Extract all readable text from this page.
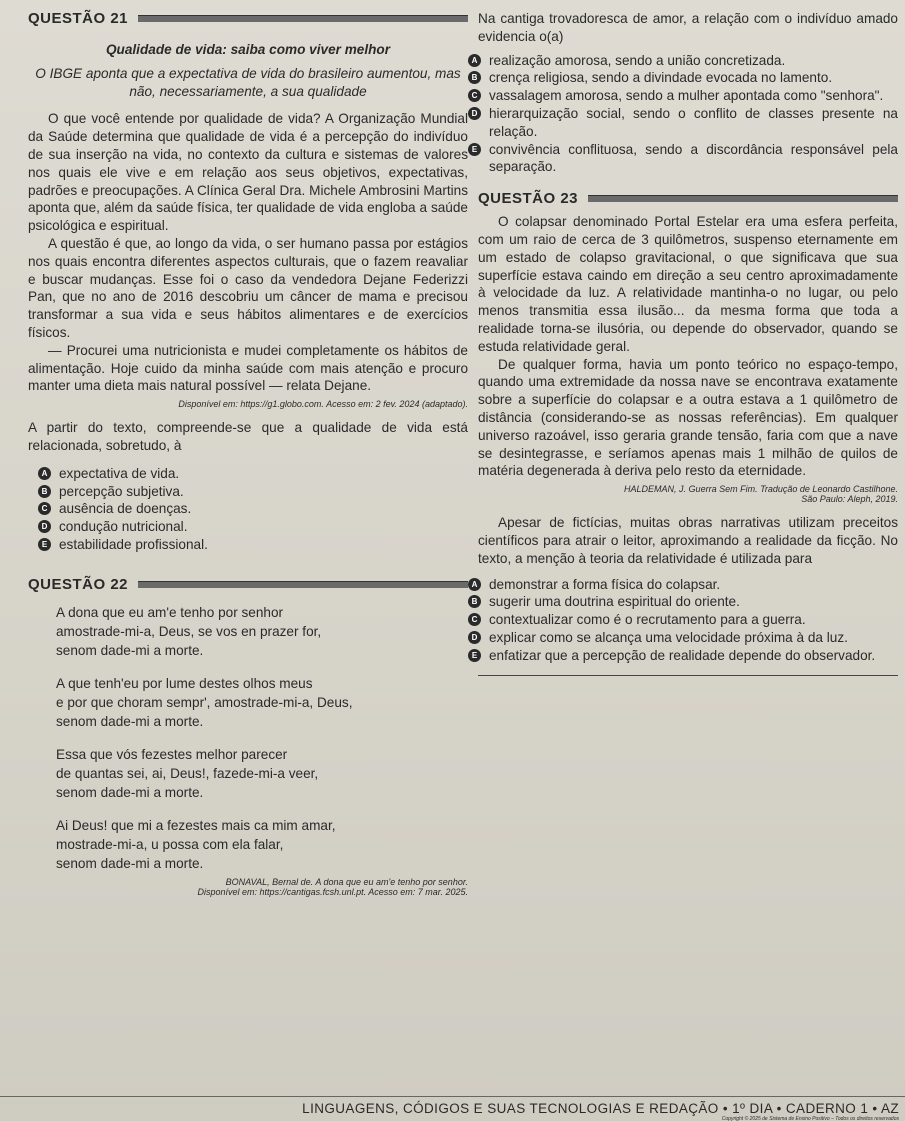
QUESTÃO 21

Qualidade de vida: saiba como viver melhor

O IBGE aponta que a expectativa de vida do brasileiro aumentou, mas não, necessariamente, a sua qualidade

O que você entende por qualidade de vida? A Organização Mundial da Saúde determina que qualidade de vida é a percepção do indivíduo de sua inserção na vida, no contexto da cultura e sistemas de valores nos quais ele vive e em relação aos seus objetivos, expectativas, padrões e preocupações. A Clínica Geral Dra. Michele Ambrosini Martins aponta que, além da saúde física, ter qualidade de vida engloba a saúde psicológica e espiritual.

A questão é que, ao longo da vida, o ser humano passa por estágios nos quais encontra diferentes aspectos culturais, que o fazem reavaliar e buscar mudanças. Esse foi o caso da vendedora Dejane Federizzi Pan, que no ano de 2016 descobriu um câncer de mama e precisou transformar a sua vida e seus hábitos alimentares e de exercícios físicos.

— Procurei uma nutricionista e mudei completamente os hábitos de alimentação. Hoje cuido da minha saúde com mais atenção e procuro manter uma dieta mais natural possível — relata Dejane.

Disponível em: https://g1.globo.com. Acesso em: 2 fev. 2024 (adaptado).

A partir do texto, compreende-se que a qualidade de vida está relacionada, sobretudo, à

A expectativa de vida.
B percepção subjetiva.
C ausência de doenças.
D condução nutricional.
E estabilidade profissional.
QUESTÃO 22

A dona que eu am'e tenho por senhor

amostrade-mi-a, Deus, se vos en prazer for,

senom dade-mi a morte.

A que tenh'eu por lume destes olhos meus

e por que choram sempr', amostrade-mi-a, Deus,

senom dade-mi a morte.

Essa que vós fezestes melhor parecer

de quantas sei, ai, Deus!, fazede-mi-a veer,

senom dade-mi a morte.

Ai Deus! que mi a fezestes mais ca mim amar,

mostrade-mi-a, u possa com ela falar,

senom dade-mi a morte.

BONAVAL, Bernal de. A dona que eu am'e tenho por senhor.

Disponível em: https://cantigas.fcsh.unl.pt. Acesso em: 7 mar. 2025.

Na cantiga trovadoresca de amor, a relação com o indivíduo amado evidencia o(a)

A realização amorosa, sendo a união concretizada.
B crença religiosa, sendo a divindade evocada no lamento.
C vassalagem amorosa, sendo a mulher apontada como "senhora".
D hierarquização social, sendo o conflito de classes presente na relação.
E convivência conflituosa, sendo a discordância responsável pela separação.
QUESTÃO 23

O colapsar denominado Portal Estelar era uma esfera perfeita, com um raio de cerca de 3 quilômetros, suspenso eternamente em um estado de colapso gravitacional, o que significava que sua superfície estava caindo em direção a seu centro aproximadamente à velocidade da luz. A relatividade mantinha-o no lugar, ou pelo menos transmitia essa ilusão... da mesma forma que toda a realidade torna-se ilusória, ou depende do observador, quando se estuda relatividade geral.

De qualquer forma, havia um ponto teórico no espaço-tempo, quando uma extremidade da nossa nave se encontrava exatamente sobre a superfície do colapsar e a outra estava a 1 quilômetro de distância (considerando-se as nossas referências). Em qualquer universo razoável, isso geraria grande tensão, faria com que a nave se desintegrasse, e seríamos apenas mais 1 milhão de quilos de matéria degenerada à deriva pelo resto da eternidade.

HALDEMAN, J. Guerra Sem Fim. Tradução de Leonardo Castilhone.

São Paulo: Aleph, 2019.

Apesar de fictícias, muitas obras narrativas utilizam preceitos científicos para atrair o leitor, aproximando a realidade da ficção. No texto, a menção à teoria da relatividade é utilizada para

A demonstrar a forma física do colapsar.
B sugerir uma doutrina espiritual do oriente.
C contextualizar como é o recrutamento para a guerra.
D explicar como se alcança uma velocidade próxima à da luz.
E enfatizar que a percepção de realidade depende do observador.
LINGUAGENS, CÓDIGOS E SUAS TECNOLOGIAS E REDAÇÃO • 1º DIA • CADERNO 1 • AZ
Copyright © 2025 de Sistema de Ensino Positivo – Todos os direitos reservados
